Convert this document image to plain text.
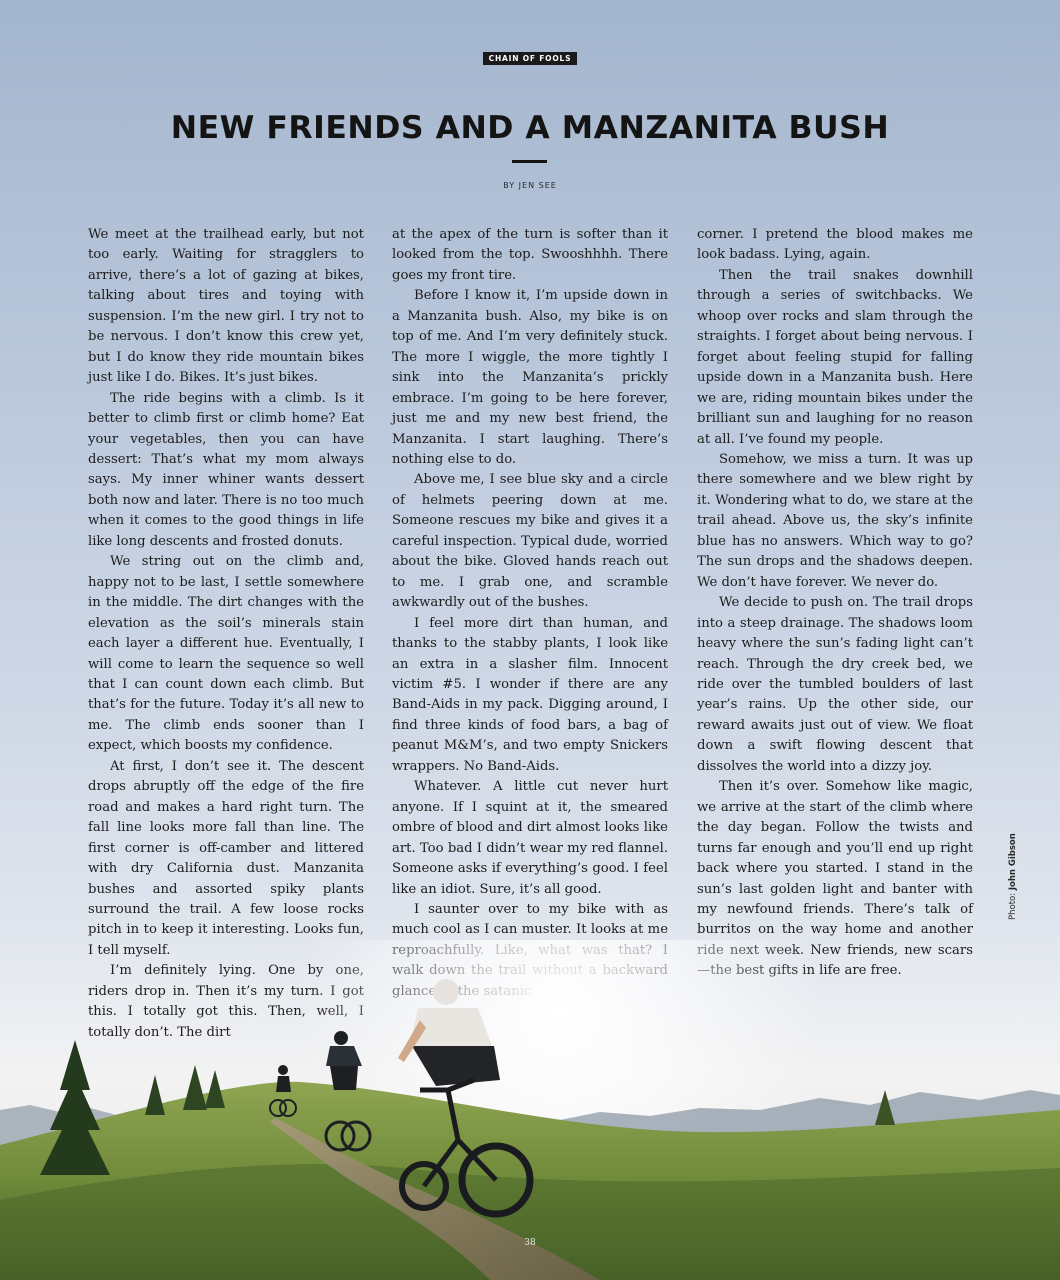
CHAIN OF FOOLS
NEW FRIENDS AND A MANZANITA BUSH
BY JEN SEE

We meet at the trailhead early, but not too early. Waiting for stragglers to arrive, there’s a lot of gazing at bikes, talking about tires and toying with suspension. I’m the new girl. I try not to be nervous. I don’t know this crew yet, but I do know they ride mountain bikes just like I do. Bikes. It’s just bikes.

The ride begins with a climb. Is it better to climb first or climb home? Eat your vegetables, then you can have dessert: That’s what my mom always says. My inner whiner wants dessert both now and later. There is no too much when it comes to the good things in life like long descents and frosted donuts.

We string out on the climb and, happy not to be last, I settle somewhere in the middle. The dirt changes with the elevation as the soil’s minerals stain each layer a different hue. Eventually, I will come to learn the sequence so well that I can count down each climb. But that’s for the future. Today it’s all new to me. The climb ends sooner than I expect, which boosts my confidence.

At first, I don’t see it. The descent drops abruptly off the edge of the fire road and makes a hard right turn. The fall line looks more fall than line. The first corner is off-camber and littered with dry California dust. Manzanita bushes and assorted spiky plants surround the trail. A few loose rocks pitch in to keep it interesting. Looks fun,

at the apex of the turn is softer than it looked from the top. Swooshhhh. There goes my front tire.

Before I know it, I’m upside down in a Manzanita bush. Also, my bike is on top of me. And I’m very definitely stuck. The more I wiggle, the more tightly I sink into the Manzanita’s prickly embrace. I’m going to be here forever, just me and my new best friend, the Manzanita. I start laughing. There’s nothing else to do.

Above me, I see blue sky and a circle of helmets peering down at me. Someone rescues my bike and gives it a careful inspection. Typical dude, worried about the bike. Gloved hands reach out to me. I grab one, and scramble awkwardly out of the bushes.

I feel more dirt than human, and thanks to the stabby plants, I look like an extra in a slasher film. Innocent victim #5. I wonder if there are any Band-Aids in my pack. Digging around, I find three kinds of food bars, a bag of peanut M&M’s, and two empty Snickers wrappers. No Band-Aids.

Whatever. A little cut never hurt anyone. If I squint at it, the smeared ombre of blood and dirt almost looks like art. Too bad I didn’t wear my red flannel. Someone asks if everything’s good. I feel like an idiot. Sure, it’s all good.

I saunter over to my bike with as much cool as I can muster. It looks at me

corner. I pretend the blood makes me look badass. Lying, again.

Then the trail snakes downhill through a series of switchbacks. We whoop over rocks and slam through the straights. I forget about being nervous. I forget about feeling stupid for falling upside down in a Manzanita bush. Here we are, riding mountain bikes under the brilliant sun and laughing for no reason at all. I’ve found my people.

Somehow, we miss a turn. It was up there somewhere and we blew right by it. Wondering what to do, we stare at the trail ahead. Above us, the sky’s infinite blue has no answers. Which way to go? The sun drops and the shadows deepen. We don’t have forever. We never do.

We decide to push on. The trail drops into a steep drainage. The shadows loom heavy where the sun’s fading light can’t reach. Through the dry creek bed, we ride over the tumbled boulders of last year’s rains. Up the other side, our reward awaits just out of view. We float down a swift flowing descent that dissolves the world into a dizzy joy.

Then it’s over. Somehow like magic, we arrive at the start of the climb where the day began. Follow the twists and turns far enough and you’ll end up right back where you started. I stand in the sun’s last golden light and banter with my newfound friends. There’s talk of burritos on the way home and another

Photo: John Gibson
38
